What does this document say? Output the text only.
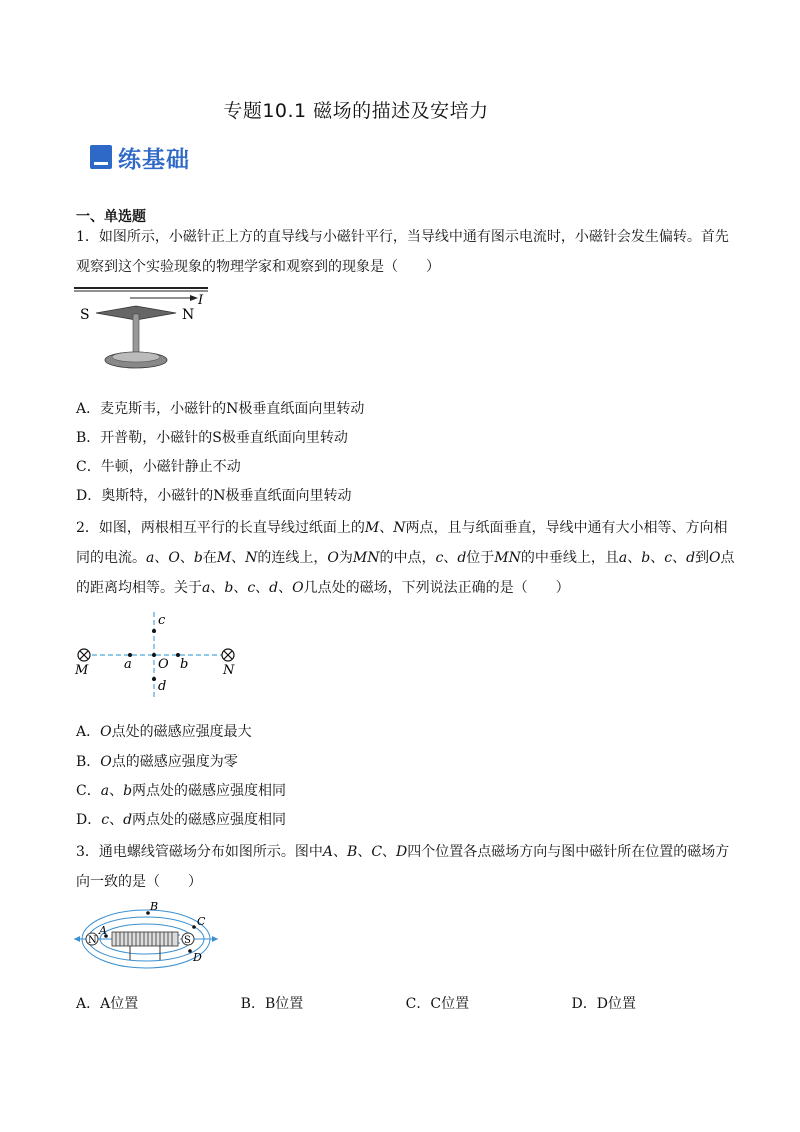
专题10.1 磁场的描述及安培力
练基础
一、单选题
1．如图所示，小磁针正上方的直导线与小磁针平行，当导线中通有图示电流时，小磁针会发生偏转。首先观察到这个实验现象的物理学家和观察到的现象是（　　）
I
S	N
A．麦克斯韦，小磁针的N极垂直纸面向里转动
B．开普勒，小磁针的S极垂直纸面向里转动
C．牛顿，小磁针静止不动
D．奥斯特，小磁针的N极垂直纸面向里转动
2．如图，两根相互平行的长直导线过纸面上的M、N两点，且与纸面垂直，导线中通有大小相等、方向相同的电流。a、O、b在M、N的连线上，O为MN的中点，c、d位于MN的中垂线上，且a、b、c、d到O点的距离均相等。关于a、b、c、d、O几点处的磁场，下列说法正确的是（　　）
M	N
a O b
c
d
A．O点处的磁感应强度最大
B．O点的磁感应强度为零
C．a、b两点处的磁感应强度相同
D．c、d两点处的磁感应强度相同
3．通电螺线管磁场分布如图所示。图中A、B、C、D四个位置各点磁场方向与图中磁针所在位置的磁场方向一致的是（　　）
N	S
A
B
C
D
A．A位置	B．B位置	C．C位置	D．D位置
